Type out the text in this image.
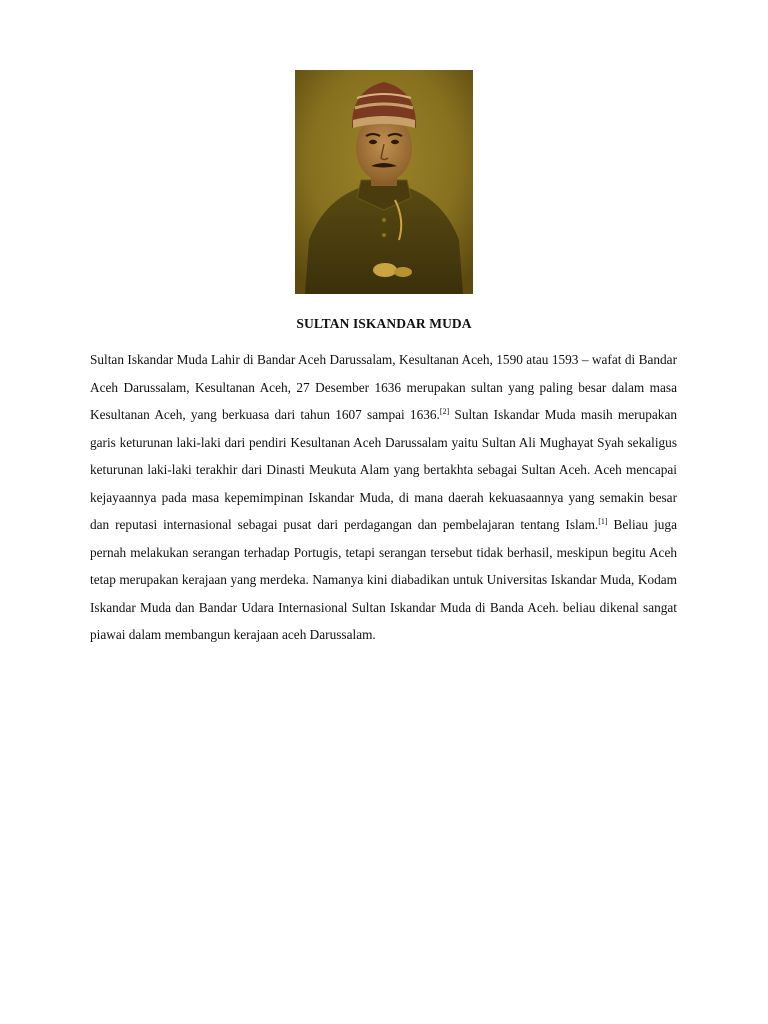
SULTAN ISKANDAR MUDA

Sultan Iskandar Muda Lahir di Bandar Aceh Darussalam, Kesultanan Aceh, 1590 atau 1593 – wafat di Bandar Aceh Darussalam, Kesultanan Aceh, 27 Desember 1636 merupakan sultan yang paling besar dalam masa Kesultanan Aceh, yang berkuasa dari tahun 1607 sampai 1636.[2] Sultan Iskandar Muda masih merupakan garis keturunan laki-laki dari pendiri Kesultanan Aceh Darussalam yaitu Sultan Ali Mughayat Syah sekaligus keturunan laki-laki terakhir dari Dinasti Meukuta Alam yang bertakhta sebagai Sultan Aceh. Aceh mencapai kejayaannya pada masa kepemimpinan Iskandar Muda, di mana daerah kekuasaannya yang semakin besar dan reputasi internasional sebagai pusat dari perdagangan dan pembelajaran tentang Islam.[1] Beliau juga pernah melakukan serangan terhadap Portugis, tetapi serangan tersebut tidak berhasil, meskipun begitu Aceh tetap merupakan kerajaan yang merdeka. Namanya kini diabadikan untuk Universitas Iskandar Muda, Kodam Iskandar Muda dan Bandar Udara Internasional Sultan Iskandar Muda di Banda Aceh. beliau dikenal sangat piawai dalam membangun kerajaan aceh Darussalam.
